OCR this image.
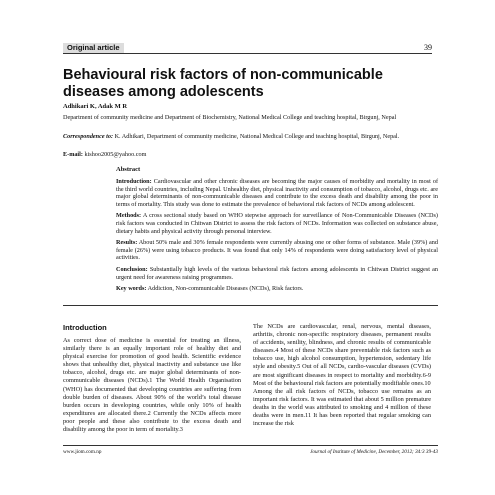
Original article	39
Behavioural risk factors of non-communicable diseases among adolescents
Adhikari K, Adak M R
Department of community medicine and Department of Biochemistry, National Medical College and teaching hospital, Birgunj, Nepal
Correspondence to: K. Adhikari, Department of community medicine, National Medical College and teaching hospital, Birgunj, Nepal.
E-mail: kishoo2005@yahoo.com
Abstract

Introduction: Cardiovascular and other chronic diseases are becoming the major causes of morbidity and mortality in most of the third world countries, including Nepal. Unhealthy diet, physical inactivity and consumption of tobacco, alcohol, drugs etc. are major global determinants of non-communicable diseases and contribute to the excess death and disability among the poor in terms of mortality. This study was done to estimate the prevalence of behavioral risk factors of NCDs among adolescent.

Methods: A cross sectional study based on WHO stepwise approach for surveillance of Non-Communicable Diseases (NCDs) risk factors was conducted in Chitwan District to assess the risk factors of NCDs. Information was collected on substance abuse, dietary habits and physical activity through personal interview.

Results: About 50% male and 30% female respondents were currently abusing one or other forms of substance. Male (39%) and female (26%) were using tobacco products. It was found that only 14% of respondents were doing satisfactory level of physical activities.

Conclusion: Substantially high levels of the various behavioral risk factors among adolescents in Chitwan District suggest an urgent need for awareness raising programmes.

Key words: Addiction, Non-communicable Diseases (NCDs), Risk factors.

Introduction

As correct dose of medicine is essential for treating an illness, similarly there is an equally important role of healthy diet and physical exercise for promotion of good health. Scientific evidence shows that unhealthy diet, physical inactivity and substance use like tobacco, alcohol, drugs etc. are major global determinants of non-communicable diseases (NCDs).1 The World Health Organisation (WHO) has documented that developing countries are suffering from double burden of diseases. About 90% of the world’s total disease burden occurs in developing countries, while only 10% of health expenditures are allocated there.2 Currently the NCDs affects more poor people and these also contribute to the excess death and disability among the poor in term of mortality.3

The NCDs are cardiovascular, renal, nervous, mental diseases, arthritis, chronic non-specific respiratory diseases, permanent results of accidents, senility, blindness, and chronic results of communicable diseases.4 Most of these NCDs share preventable risk factors such as tobacco use, high alcohol consumption, hypertension, sedentary life style and obesity.5 Out of all NCDs, cardio-vascular diseases (CVDs) are most significant diseases in respect to mortality and morbidity.6-9 Most of the behavioural risk factors are potentially modifiable ones.10

Among the all risk factors of NCDs, tobacco use remains as an important risk factors. It was estimated that about 5 million premature deaths in the world was attributed to smoking and 4 million of these deaths were in men.11 It has been reported that regular smoking can increase the risk

www.jiom.com.np	Journal of Institute of Medicine, December, 2012; 34:3 39-43
